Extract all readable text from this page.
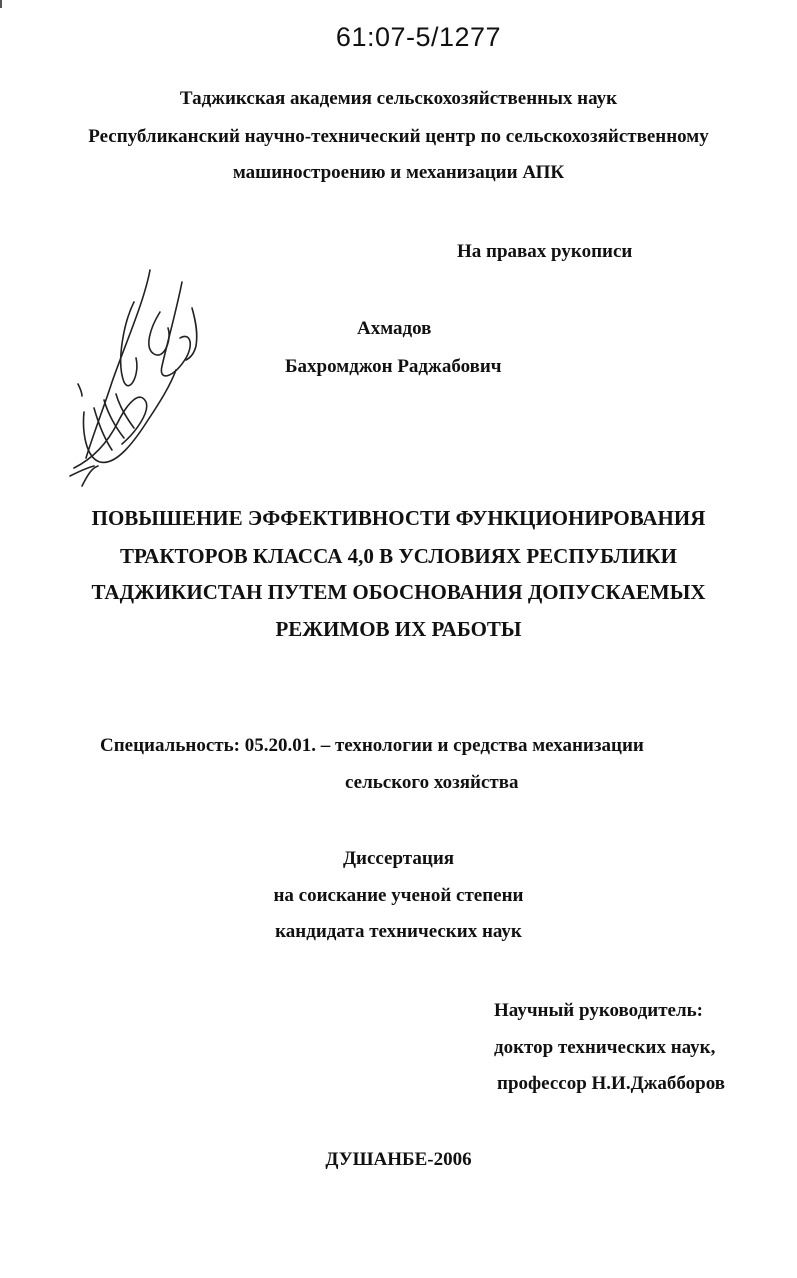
61:07-5/1277
Таджикская академия сельскохозяйственных наук
Республиканский научно-технический центр по сельскохозяйственному
машиностроению и механизации АПК
На правах рукописи
Ахмадов
Бахромджон Раджабович
ПОВЫШЕНИЕ ЭФФЕКТИВНОСТИ ФУНКЦИОНИРОВАНИЯ
ТРАКТОРОВ КЛАССА 4,0 В УСЛОВИЯХ РЕСПУБЛИКИ
ТАДЖИКИСТАН ПУТЕМ ОБОСНОВАНИЯ ДОПУСКАЕМЫХ
РЕЖИМОВ ИХ РАБОТЫ
Специальность: 05.20.01. – технологии и средства механизации
сельского хозяйства
Диссертация
на соискание ученой степени
кандидата технических наук
Научный руководитель:
доктор технических наук,
профессор Н.И.Джабборов
ДУШАНБЕ-2006
